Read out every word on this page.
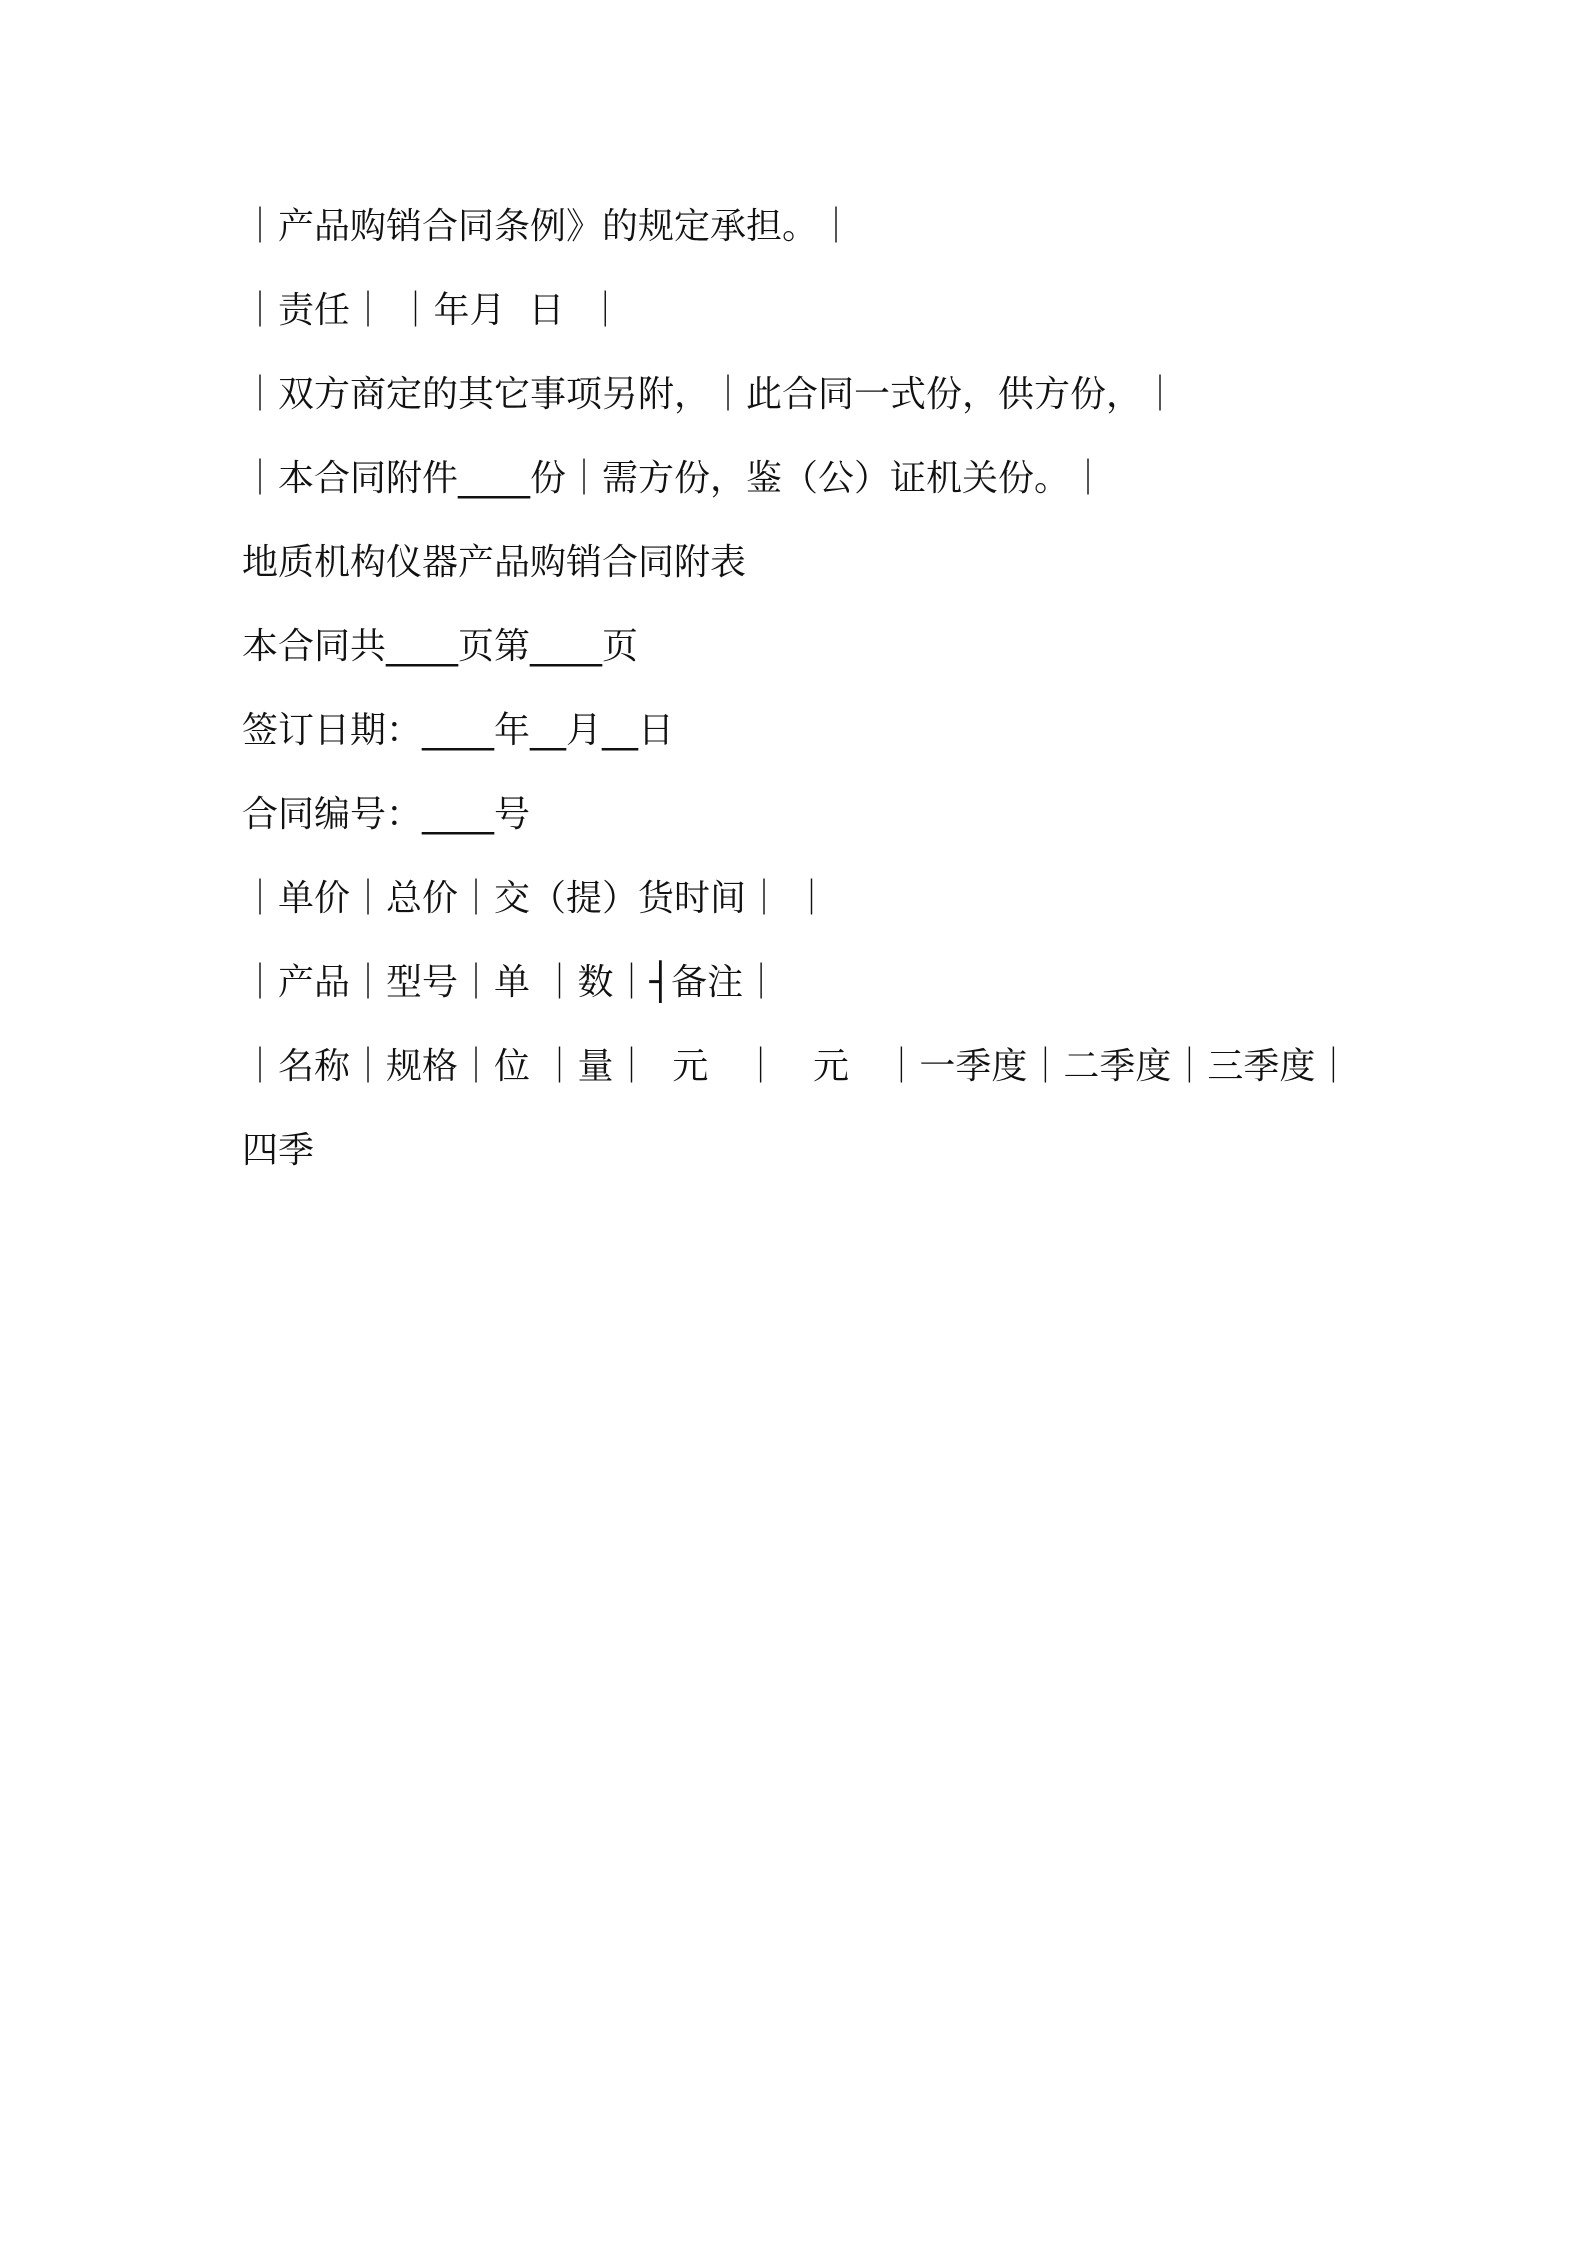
｜产品购销合同条例》的规定承担。｜
｜责任｜ ｜年月  日  ｜
｜双方商定的其它事项另附，｜此合同一式份，供方份，｜
｜本合同附件____份｜需方份，鉴（公）证机关份。｜
地质机构仪器产品购销合同附表
本合同共____页第____页
签订日期：____年__月__日
合同编号：____号
｜单价｜总价｜交（提）货时间｜ ｜
｜产品｜型号｜单 ｜数｜┤备注｜
｜名称｜规格｜位 ｜量｜  元   ｜   元   ｜一季度｜二季度｜三季度｜
四季
